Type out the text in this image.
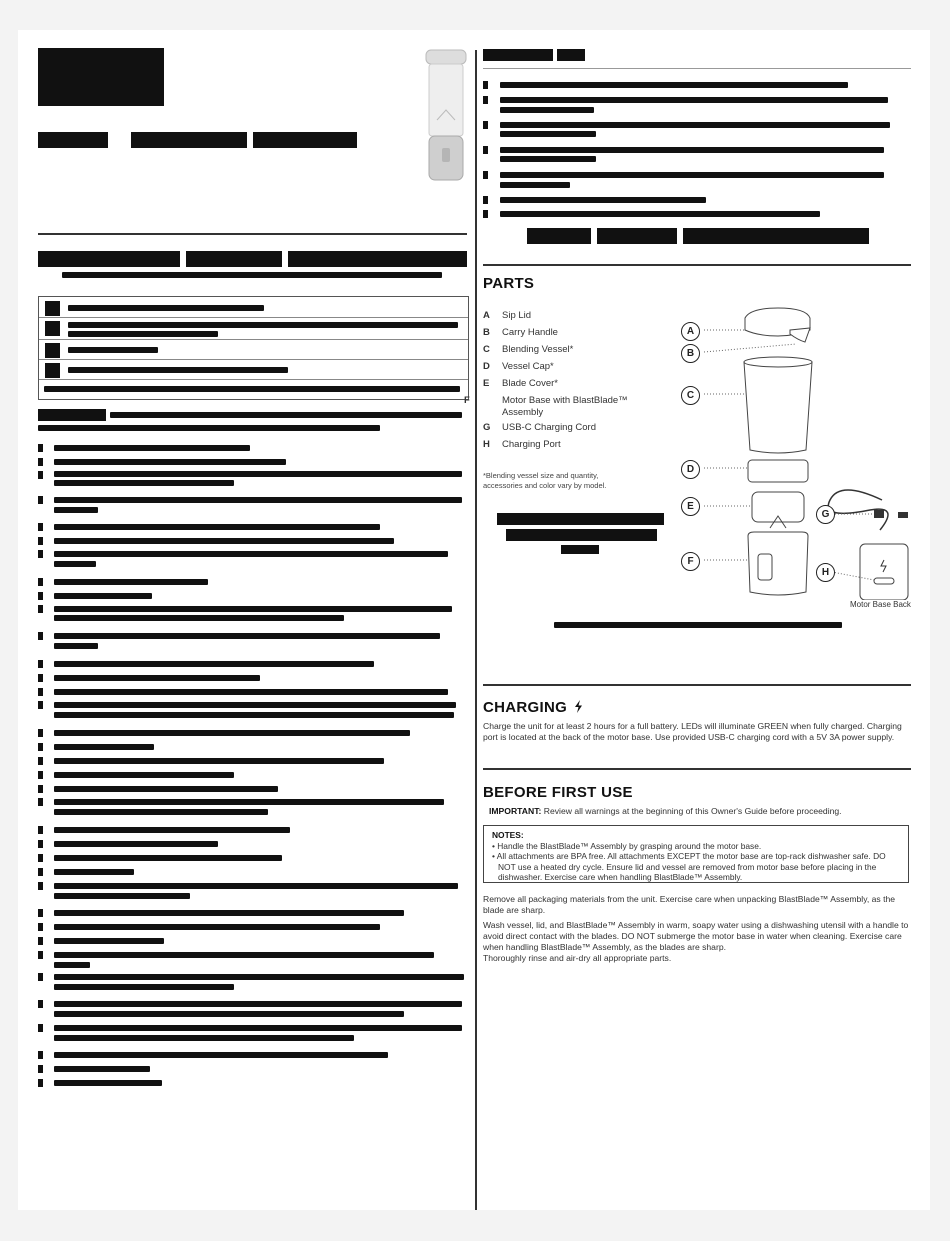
PARTS
A Sip Lid
B Carry Handle
C Blending Vessel*
D Vessel Cap*
E Blade Cover*
F	Motor Base with BlastBlade™ Assembly
G USB-C Charging Cord
H Charging Port
*Blending vessel size and quantity, accessories and color vary by model.
A
B
C
D
E
F
G
H
Motor Base Back
CHARGING
Charge the unit for at least 2 hours for a full battery. LEDs will illuminate GREEN when fully charged. Charging port is located at the back of the motor base. Use provided USB-C charging cord with a 5V 3A power supply.
BEFORE FIRST USE
IMPORTANT: Review all warnings at the beginning of this Owner's Guide before proceeding.
NOTES:
• Handle the BlastBlade™ Assembly by grasping around the motor base.
• All attachments are BPA free. All attachments EXCEPT the motor base are top-rack dishwasher safe. DO NOT use a heated dry cycle. Ensure lid and vessel are removed from motor base before placing in the dishwasher. Exercise care when handling BlastBlade™ Assembly.
Remove all packaging materials from the unit. Exercise care when unpacking BlastBlade™ Assembly, as the blade are sharp.
Wash vessel, lid, and BlastBlade™ Assembly in warm, soapy water using a dishwashing utensil with a handle to avoid direct contact with the blades. DO NOT submerge the motor base in water when cleaning. Exercise care when handling BlastBlade™ Assembly, as the blades are sharp.
Thoroughly rinse and air-dry all appropriate parts.
